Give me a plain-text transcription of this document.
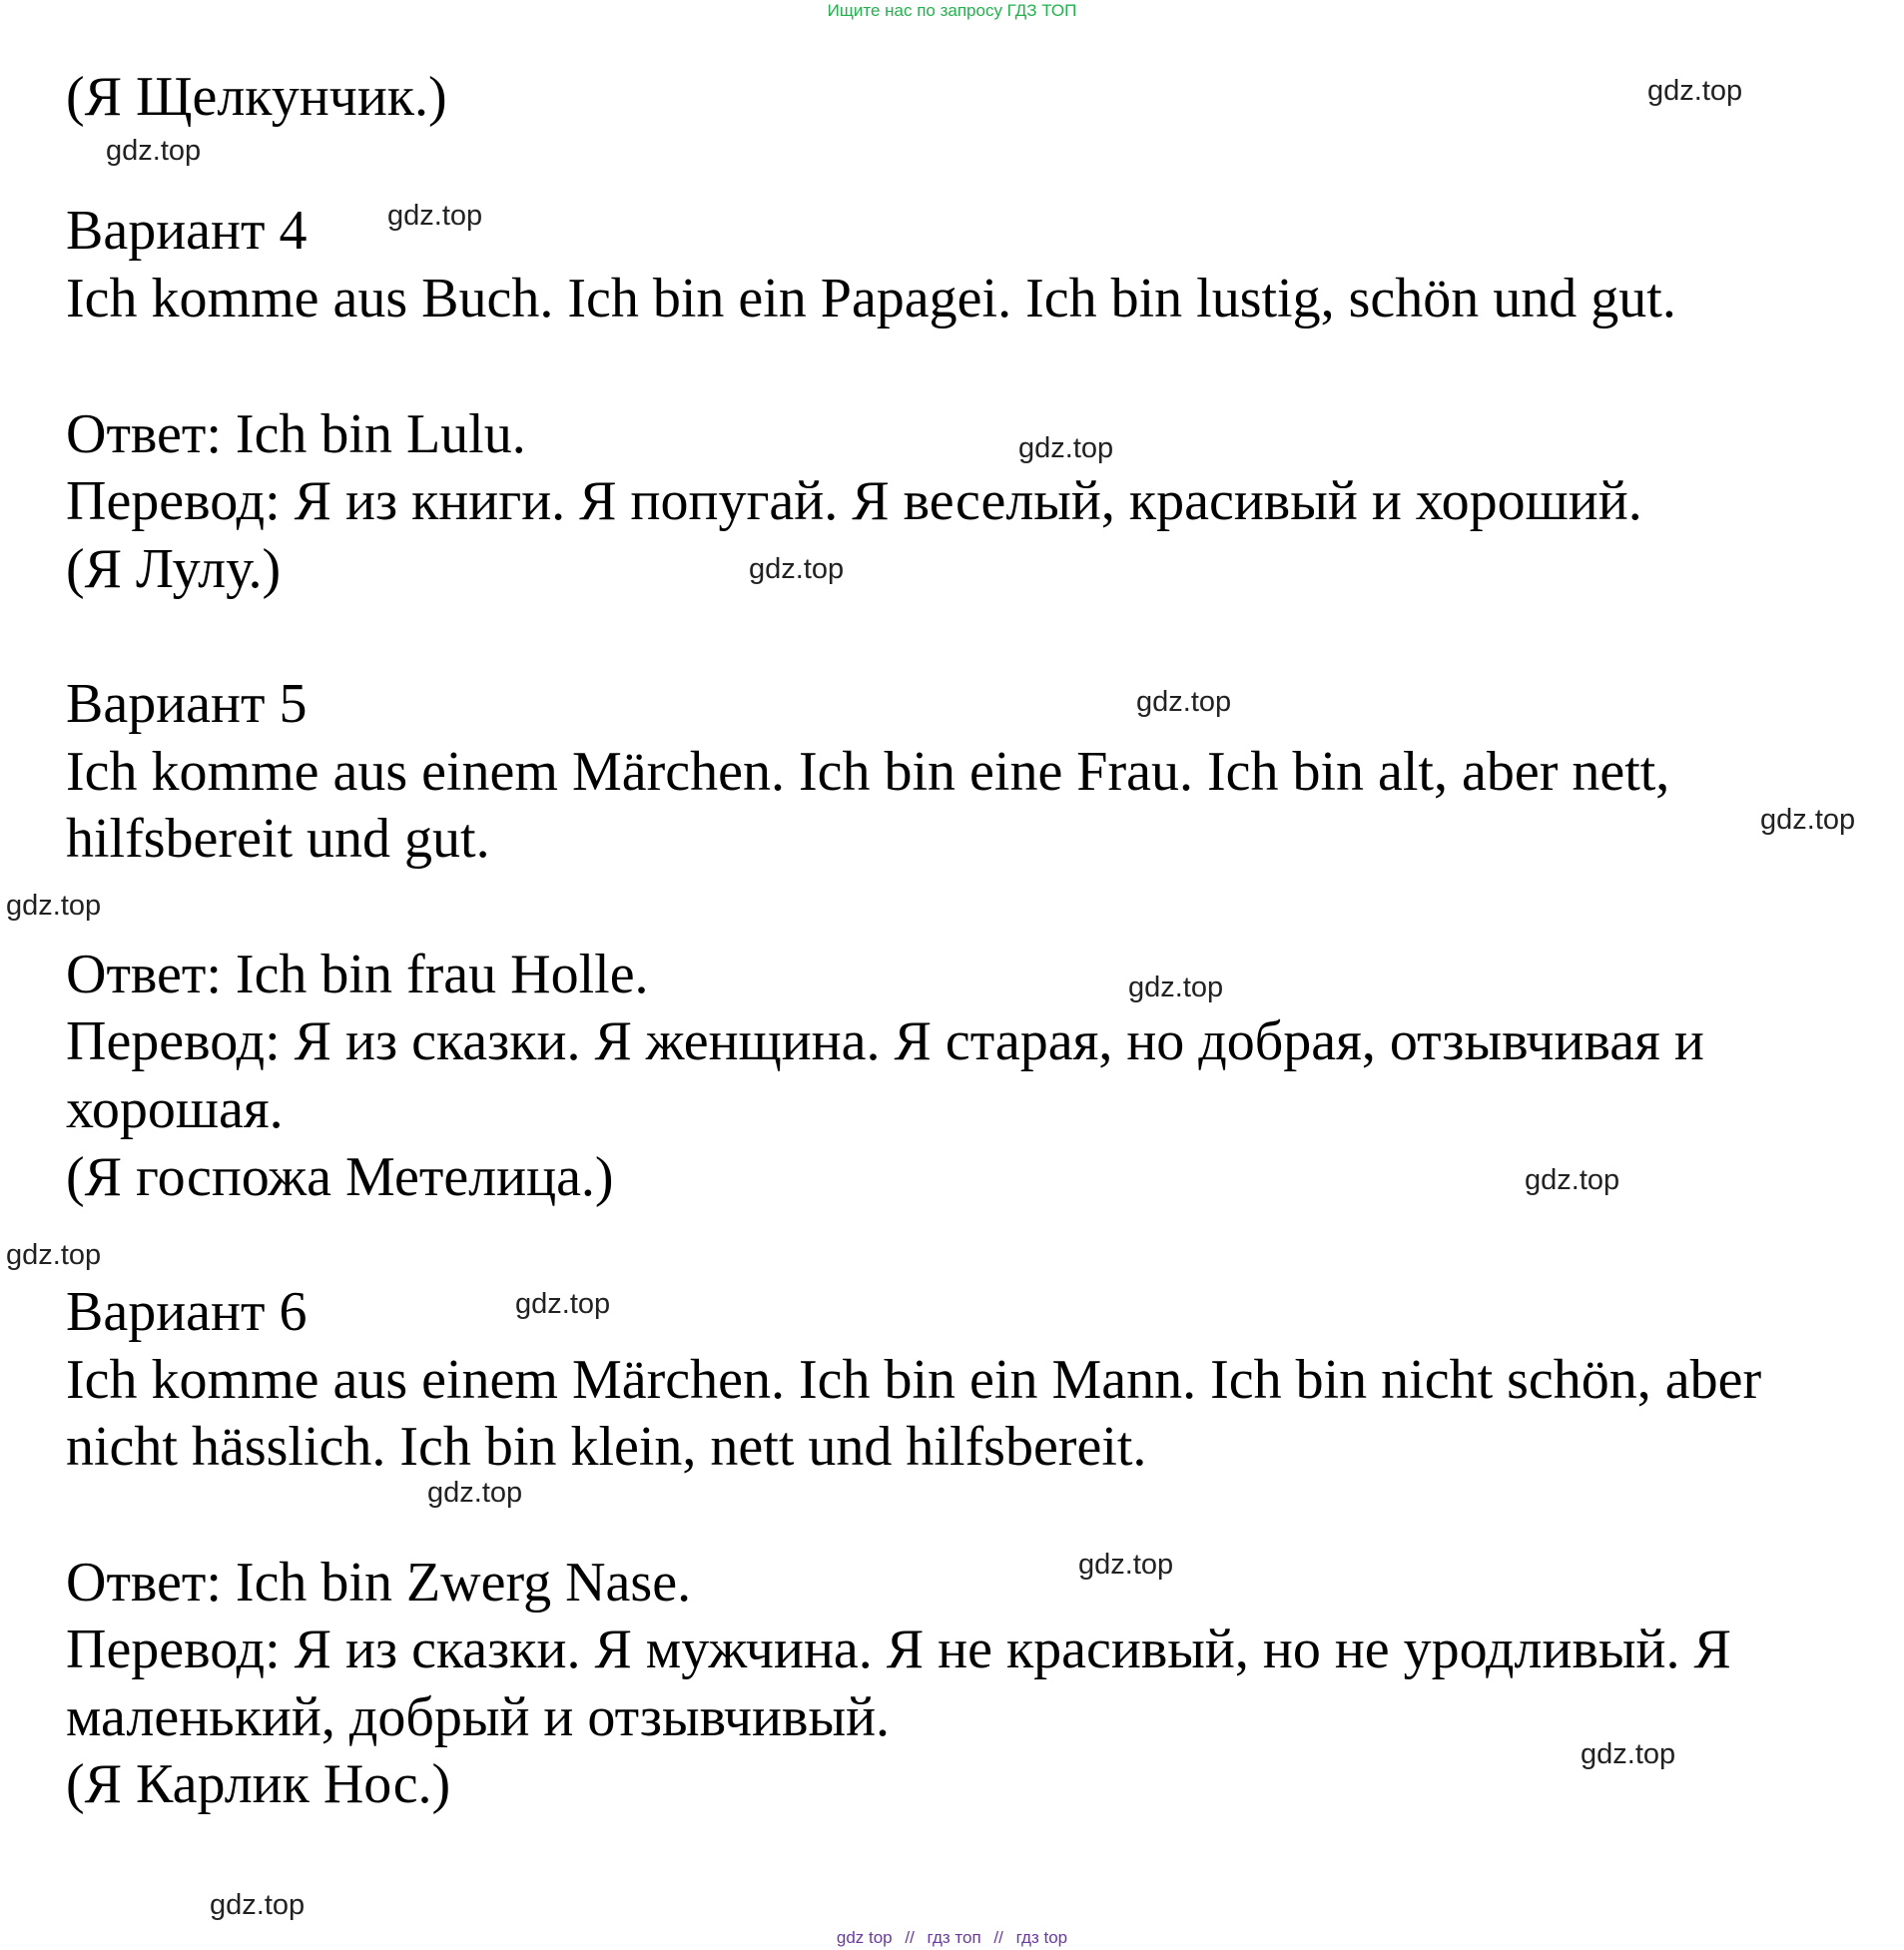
Ищите нас по запросу ГДЗ ТОП
(Я Щелкунчик.)
Вариант 4
Ich komme aus Buch. Ich bin ein Papagei. Ich bin lustig, schön und gut.
Ответ: Ich bin Lulu.
Перевод: Я из книги. Я попугай. Я веселый, красивый и хороший.
(Я Лулу.)
Вариант 5
Ich komme aus einem Märchen. Ich bin eine Frau. Ich bin alt, aber nett,
hilfsbereit und gut.
Ответ: Ich bin frau Holle.
Перевод: Я из сказки. Я женщина. Я старая, но добрая, отзывчивая и
хорошая.
(Я госпожа Метелица.)
Вариант 6
Ich komme aus einem Märchen. Ich bin ein Mann. Ich bin nicht schön, aber
nicht hässlich. Ich bin klein, nett und hilfsbereit.
Ответ: Ich bin Zwerg Nase.
Перевод: Я из сказки. Я мужчина. Я не красивый, но не уродливый. Я
маленький, добрый и отзывчивый.
(Я Карлик Нос.)
gdz.top
gdz.top
gdz.top
gdz.top
gdz.top
gdz.top
gdz.top
gdz.top
gdz.top
gdz.top
gdz.top
gdz.top
gdz.top
gdz.top
gdz.top
gdz.top
gdz top // гдз топ // гдз top
